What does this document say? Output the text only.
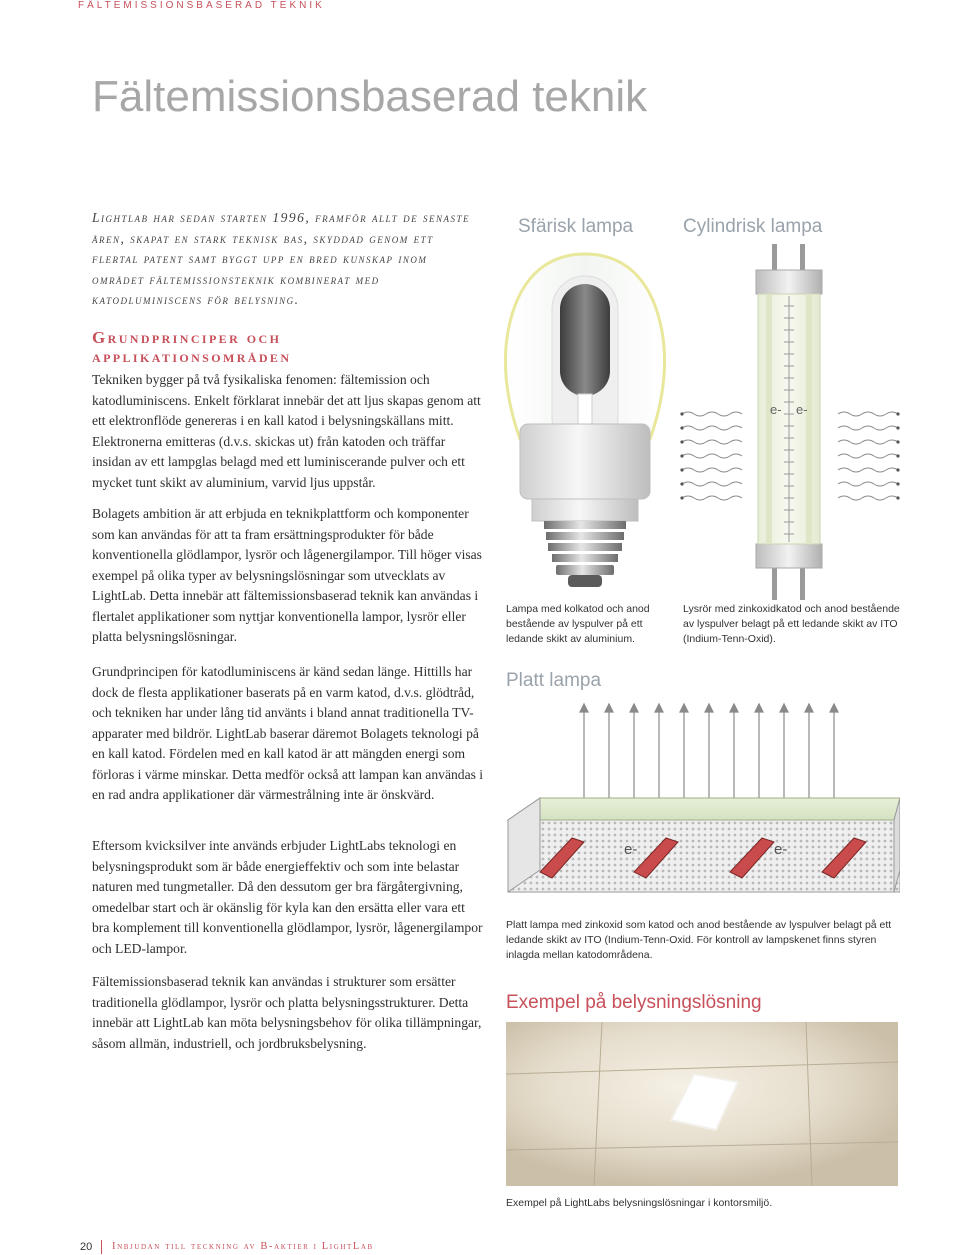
FÄLTEMISSIONSBASERAD TEKNIK
Fältemissionsbaserad teknik
Lightlab har sedan starten 1996, framför allt de senaste åren, skapat en stark teknisk bas, skyddad genom ett flertal patent samt byggt upp en bred kunskap inom området fältemissionsteknik kombinerat med katodluminiscens för belysning.
Grundprinciper och applikationsområden
Tekniken bygger på två fysikaliska fenomen: fältemission och katodluminiscens. Enkelt förklarat innebär det att ljus skapas genom att ett elektronflöde genereras i en kall katod i belysningskällans mitt. Elektronerna emitteras (d.v.s. skickas ut) från katoden och träffar insidan av ett lampglas belagd med ett luminiscerande pulver och ett mycket tunt skikt av aluminium, varvid ljus uppstår.
Bolagets ambition är att erbjuda en teknikplattform och komponenter som kan användas för att ta fram ersättningsprodukter för både konventionella glödlampor, lysrör och lågenergilampor. Till höger visas exempel på olika typer av belysningslösningar som utvecklats av LightLab. Detta innebär att fältemissionsbaserad teknik kan användas i flertalet applikationer som nyttjar konventionella lampor, lysrör eller platta belysningslösningar.
Grundprincipen för katodluminiscens är känd sedan länge. Hittills har dock de flesta applikationer baserats på en varm katod, d.v.s. glödtråd, och tekniken har under lång tid använts i bland annat traditionella TV-apparater med bildrör. LightLab baserar däremot Bolagets teknologi på en kall katod. Fördelen med en kall katod är att mängden energi som förloras i värme minskar. Detta medför också att lampan kan användas i en rad andra applikationer där värmestrålning inte är önskvärd.
Eftersom kvicksilver inte används erbjuder LightLabs teknologi en belysningsprodukt som är både energieffektiv och som inte belastar naturen med tungmetaller. Då den dessutom ger bra färgåtergivning, omedelbar start och är okänslig för kyla kan den ersätta eller vara ett bra komplement till konventionella glödlampor, lysrör, lågenergilampor och LED-lampor.
Fältemissionsbaserad teknik kan användas i strukturer som ersätter traditionella glödlampor, lysrör och platta belysningsstrukturer. Detta innebär att LightLab kan möta belysningsbehov för olika tillämpningar, såsom allmän, industriell, och jordbruksbelysning.
Sfärisk lampa
Lampa med kolkatod och anod bestående av lyspulver på ett ledande skikt av aluminium.
Cylindrisk lampa
e- e-
Lysrör med zinkoxidkatod och anod bestående av lyspulver belagt på ett ledande skikt av ITO (Indium-Tenn-Oxid).
Platt lampa
e-	e-
Platt lampa med zinkoxid som katod och anod bestående av lyspulver belagt på ett ledande skikt av ITO (Indium-Tenn-Oxid. För kontroll av lampskenet finns styren inlagda mellan katodområdena.
Exempel på belysningslösning
Exempel på LightLabs belysningslösningar i kontorsmiljö.
20 Inbjudan till teckning av B-aktier i LightLab
